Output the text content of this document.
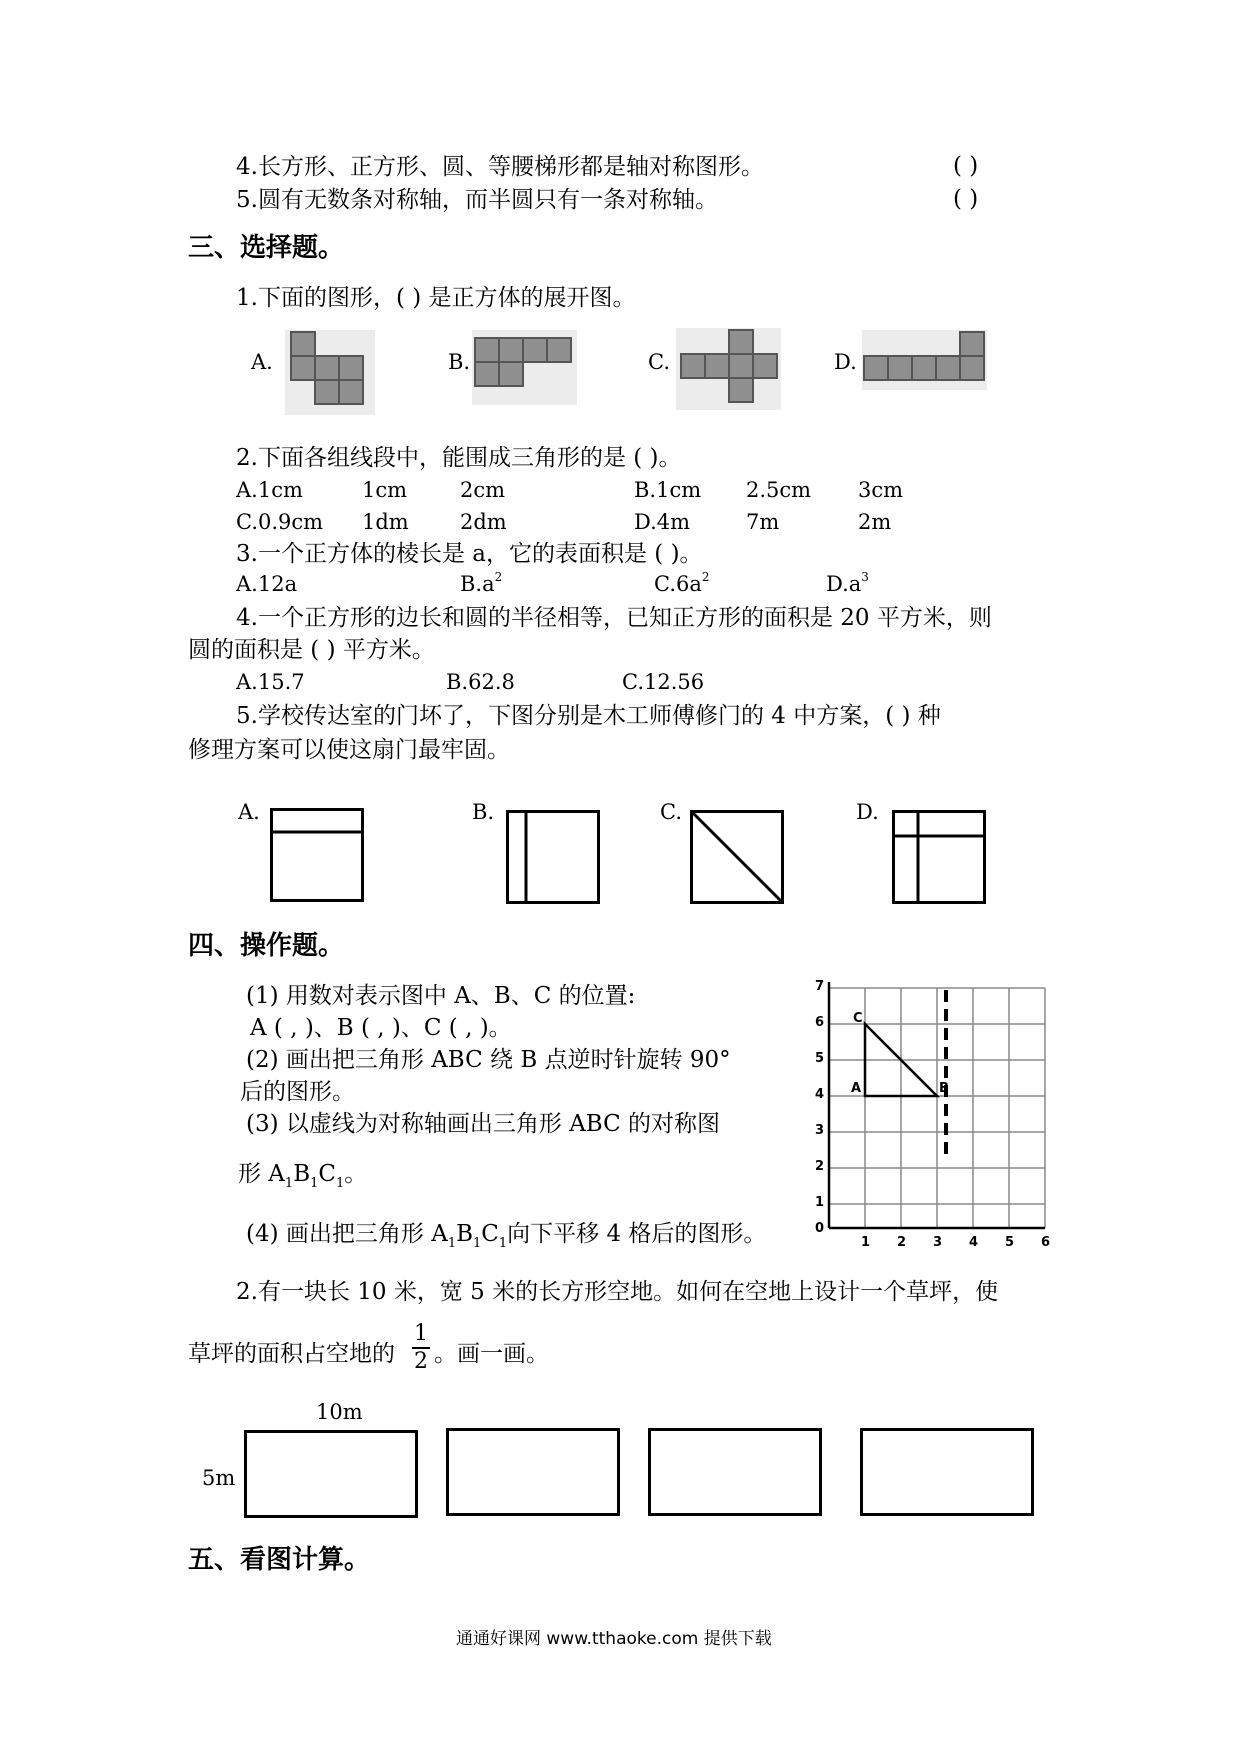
4.长方形、正方形、圆、等腰梯形都是轴对称图形。	( )
5.圆有无数条对称轴，而半圆只有一条对称轴。	( )
三、选择题。
1.下面的图形，( ) 是正方体的展开图。
A.	B.	C.	D.
2.下面各组线段中，能围成三角形的是 ( )。
A.1cm	1cm	2cm	B.1cm 2.5cm 3cm
C.0.9cm 1dm 2dm	D.4m	7m	2m
3.一个正方体的棱长是 a，它的表面积是 ( )。
A.12a	$B.a^2$	$C.6a^2$	$D.a^3$
4.一个正方形的边长和圆的半径相等，已知正方形的面积是 20 平方米，则
圆的面积是 ( ) 平方米。
A.15.7	B.62.8	C.12.56
5.学校传达室的门坏了，下图分别是木工师傅修门的 4 中方案，( ) 种
修理方案可以使这扇门最牢固。
A.	B.	C.	D.
四、操作题。
(1) 用数对表示图中 A、B、C 的位置:
A ( , )、B ( , )、C ( , )。
(2) 画出把三角形 ABC 绕 B 点逆时针旋转 90°
后的图形。
(3) 以虚线为对称轴画出三角形 ABC 的对称图
形 $A_1B_1C_1$。
(4) 画出把三角形 $A_1B_1C_1$向下平移 4 格后的图形。
7
6
5
4
3
2
1
0
1 2 3 4 5 6
A	B
C
2.有一块长 10 米，宽 5 米的长方形空地。如何在空地上设计一个草坪，使
草坪的面积占空地的
1
2 。画一画。
10m
5m
五、看图计算。
通通好课网 www.tthaoke.com 提供下载
